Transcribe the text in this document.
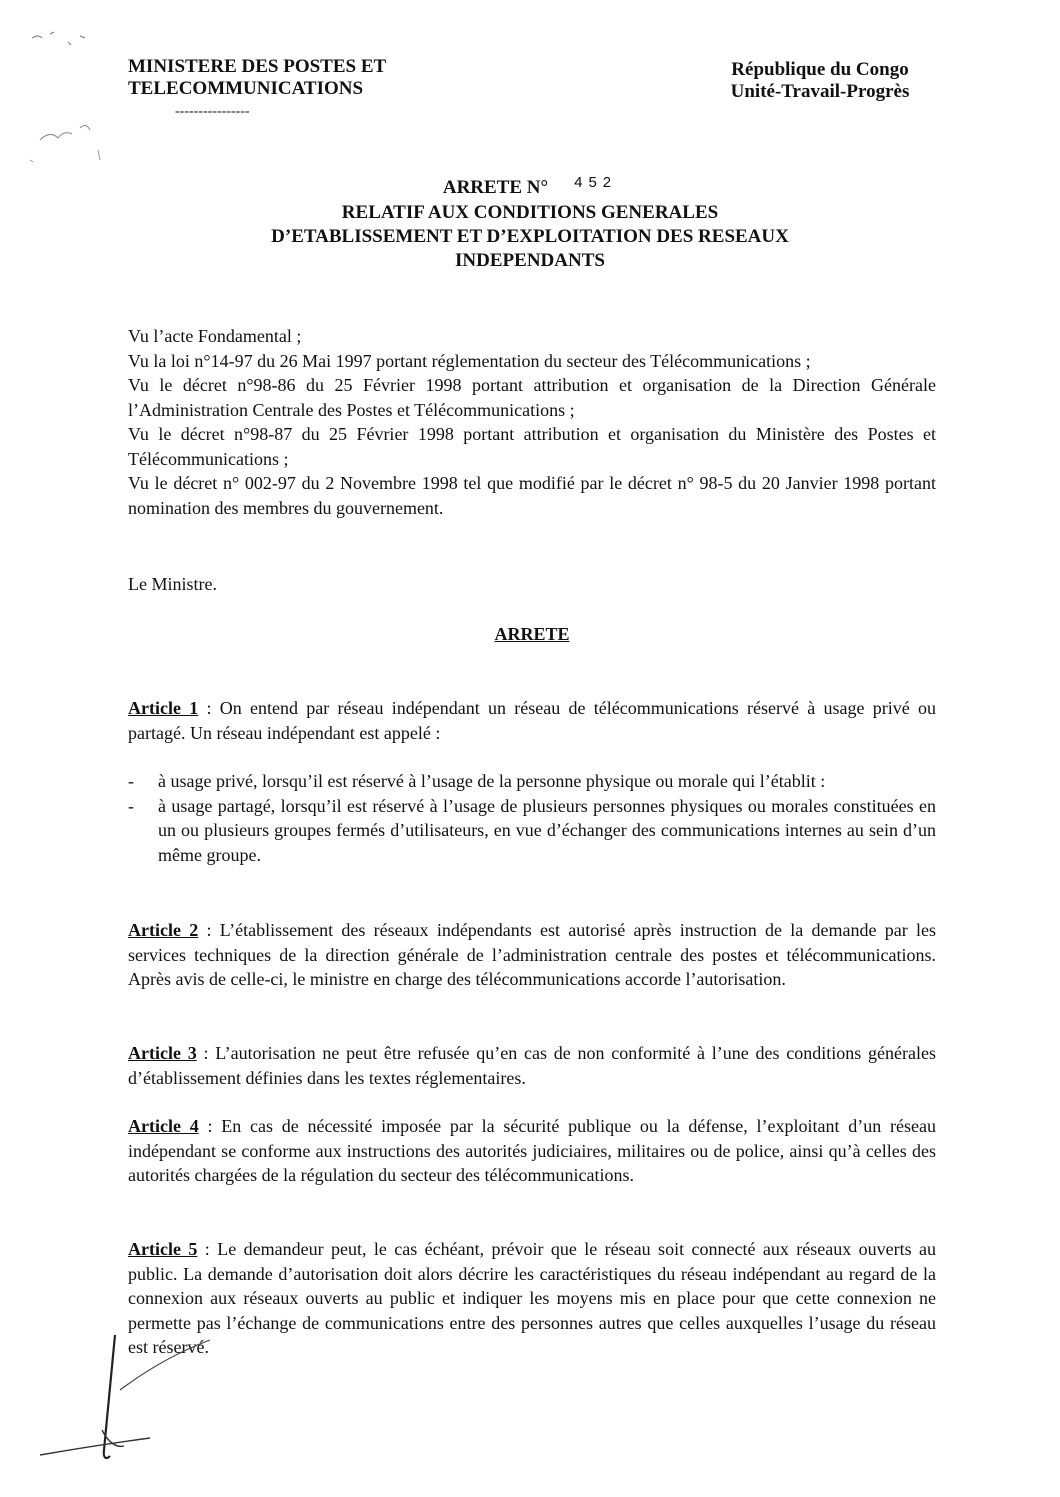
MINISTERE DES POSTES ET
TELECOMMUNICATIONS
----------------
République du Congo
Unité-Travail-Progrès
ARRETE N° $^{452}$
RELATIF AUX CONDITIONS GENERALES
D’ETABLISSEMENT ET D’EXPLOITATION DES RESEAUX
INDEPENDANTS

Vu l’acte Fondamental ;

Vu la loi n°14-97 du 26 Mai 1997 portant réglementation du secteur des Télécommunications ;

Vu le décret n°98-86 du 25 Février 1998 portant attribution et organisation de la Direction Générale l’Administration Centrale des Postes et Télécommunications ;

Vu le décret n°98-87 du 25 Février 1998 portant attribution et organisation du Ministère des Postes et Télécommunications ;

Vu le décret n° 002-97 du 2 Novembre 1998 tel que modifié par le décret n° 98-5 du 20 Janvier 1998 portant nomination des membres du gouvernement.

Le Ministre.
ARRETE

Article 1 : On entend par réseau indépendant un réseau de télécommunications réservé à usage privé ou partagé. Un réseau indépendant est appelé :

- à usage privé, lorsqu’il est réservé à l’usage de la personne physique ou morale qui l’établit :
- à usage partagé, lorsqu’il est réservé à l’usage de plusieurs personnes physiques ou morales constituées en un ou plusieurs groupes fermés d’utilisateurs, en vue d’échanger des communications internes au sein d’un même groupe.

Article 2 : L’établissement des réseaux indépendants est autorisé après instruction de la demande par les services techniques de la direction générale de l’administration centrale des postes et télécommunications. Après avis de celle-ci, le ministre en charge des télécommunications accorde l’autorisation.

Article 3 : L’autorisation ne peut être refusée qu’en cas de non conformité à l’une des conditions générales d’établissement définies dans les textes réglementaires.

Article 4 : En cas de nécessité imposée par la sécurité publique ou la défense, l’exploitant d’un réseau indépendant se conforme aux instructions des autorités judiciaires, militaires ou de police, ainsi qu’à celles des autorités chargées de la régulation du secteur des télécommunications.

Article 5 : Le demandeur peut, le cas échéant, prévoir que le réseau soit connecté aux réseaux ouverts au public. La demande d’autorisation doit alors décrire les caractéristiques du réseau indépendant au regard de la connexion aux réseaux ouverts au public et indiquer les moyens mis en place pour que cette connexion ne permette pas l’échange de communications entre des personnes autres que celles auxquelles l’usage du réseau est réservé.
